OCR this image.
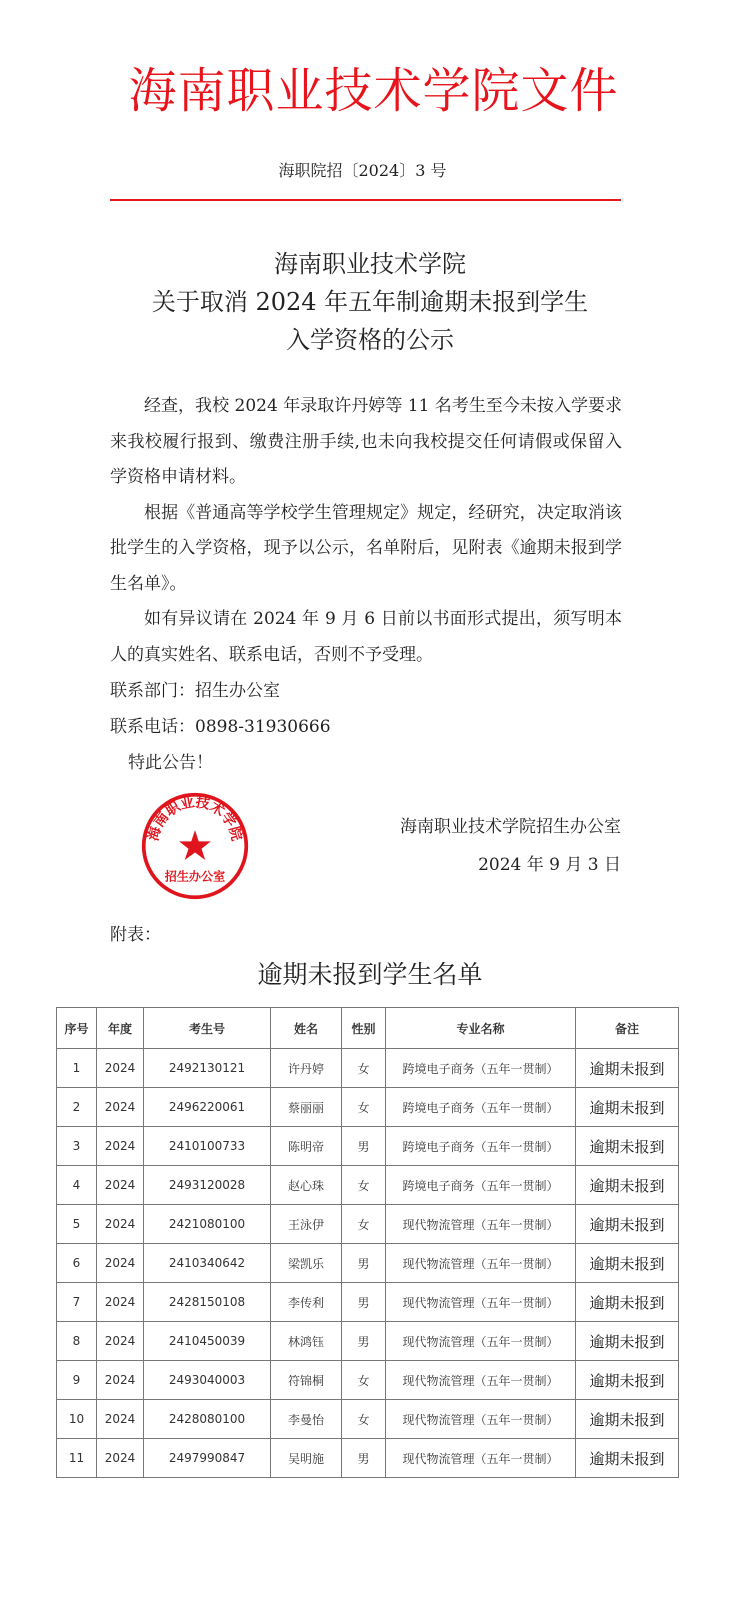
海南职业技术学院文件
海职院招〔2024〕3 号
海南职业技术学院
关于取消 2024 年五年制逾期未报到学生
入学资格的公示

经查，我校 2024 年录取许丹婷等 11 名考生至今未按入学要求来我校履行报到、缴费注册手续,也未向我校提交任何请假或保留入学资格申请材料。

根据《普通高等学校学生管理规定》规定，经研究，决定取消该批学生的入学资格，现予以公示，名单附后，见附表《逾期未报到学生名单》。

如有异议请在 2024 年 9 月 6 日前以书面形式提出，须写明本人的真实姓名、联系电话，否则不予受理。

联系部门：招生办公室
联系电话：0898-31930666
特此公告！
海南职业技术学院
招生办公室
海南职业技术学院招生办公室
2024 年 9 月 3 日
附表：
逾期未报到学生名单
序号	年度	考生号	姓名	性别	专业名称	备注
1	2024	2492130121	许丹婷	女	跨境电子商务（五年一贯制）	逾期未报到
2	2024	2496220061	蔡丽丽	女	跨境电子商务（五年一贯制）	逾期未报到
3	2024	2410100733	陈明帝	男	跨境电子商务（五年一贯制）	逾期未报到
4	2024	2493120028	赵心珠	女	跨境电子商务（五年一贯制）	逾期未报到
5	2024	2421080100	王泳伊	女	现代物流管理（五年一贯制）	逾期未报到
6	2024	2410340642	梁凯乐	男	现代物流管理（五年一贯制）	逾期未报到
7	2024	2428150108	李传利	男	现代物流管理（五年一贯制）	逾期未报到
8	2024	2410450039	林鸿钰	男	现代物流管理（五年一贯制）	逾期未报到
9	2024	2493040003	符锦桐	女	现代物流管理（五年一贯制）	逾期未报到
10	2024	2428080100	李曼怡	女	现代物流管理（五年一贯制）	逾期未报到
11	2024	2497990847	吴明施	男	现代物流管理（五年一贯制）	逾期未报到
